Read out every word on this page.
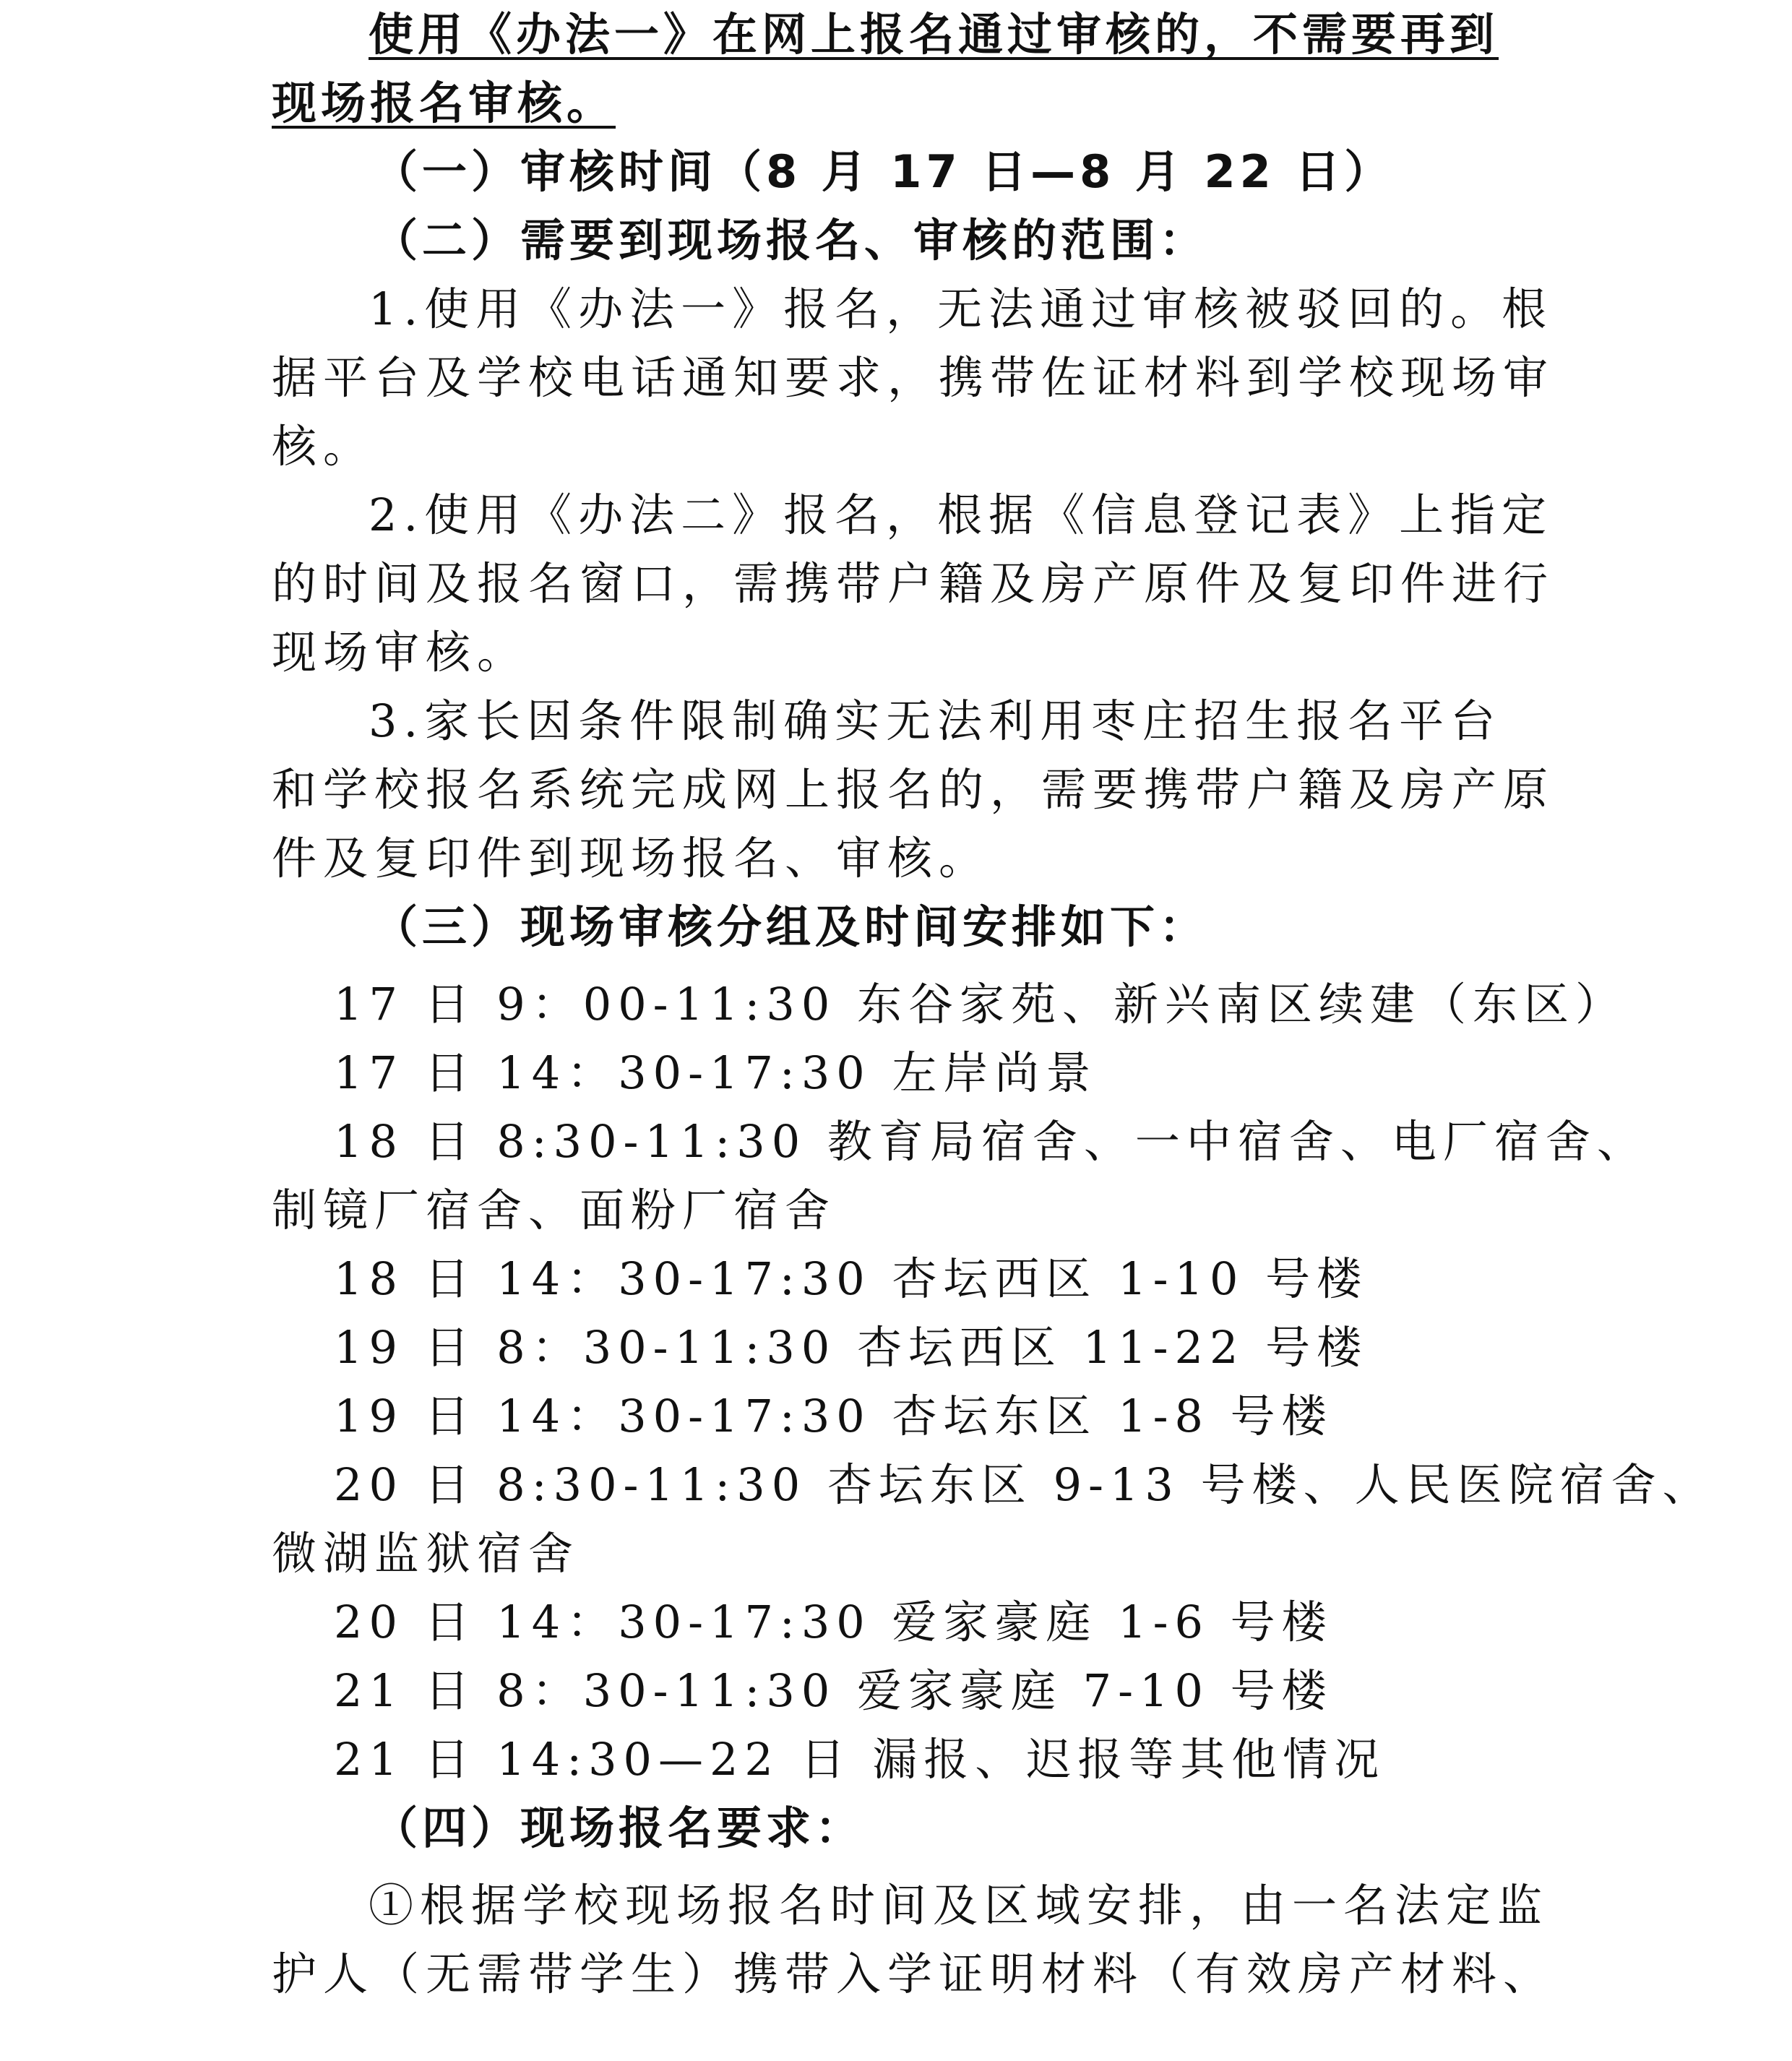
使用《办法一》在网上报名通过审核的，不需要再到
现场报名审核。
（一）审核时间（8 月 17 日—8 月 22 日）
（二）需要到现场报名、审核的范围：
1.使用《办法一》报名，无法通过审核被驳回的。根
据平台及学校电话通知要求，携带佐证材料到学校现场审
核。
2.使用《办法二》报名，根据《信息登记表》上指定
的时间及报名窗口，需携带户籍及房产原件及复印件进行
现场审核。
3.家长因条件限制确实无法利用枣庄招生报名平台
和学校报名系统完成网上报名的，需要携带户籍及房产原
件及复印件到现场报名、审核。
（三）现场审核分组及时间安排如下：
17 日 9：00-11:30 东谷家苑、新兴南区续建（东区）
17 日 14：30-17:30 左岸尚景
18 日 8:30-11:30 教育局宿舍、一中宿舍、电厂宿舍、
制镜厂宿舍、面粉厂宿舍
18 日 14：30-17:30 杏坛西区 1-10 号楼
19 日 8：30-11:30 杏坛西区 11-22 号楼
19 日 14：30-17:30 杏坛东区 1-8 号楼
20 日 8:30-11:30 杏坛东区 9-13 号楼、人民医院宿舍、
微湖监狱宿舍
20 日 14：30-17:30 爱家豪庭 1-6 号楼
21 日 8：30-11:30 爱家豪庭 7-10 号楼
21 日 14:30—22 日 漏报、迟报等其他情况
（四）现场报名要求：
①根据学校现场报名时间及区域安排，由一名法定监
护人（无需带学生）携带入学证明材料（有效房产材料、
